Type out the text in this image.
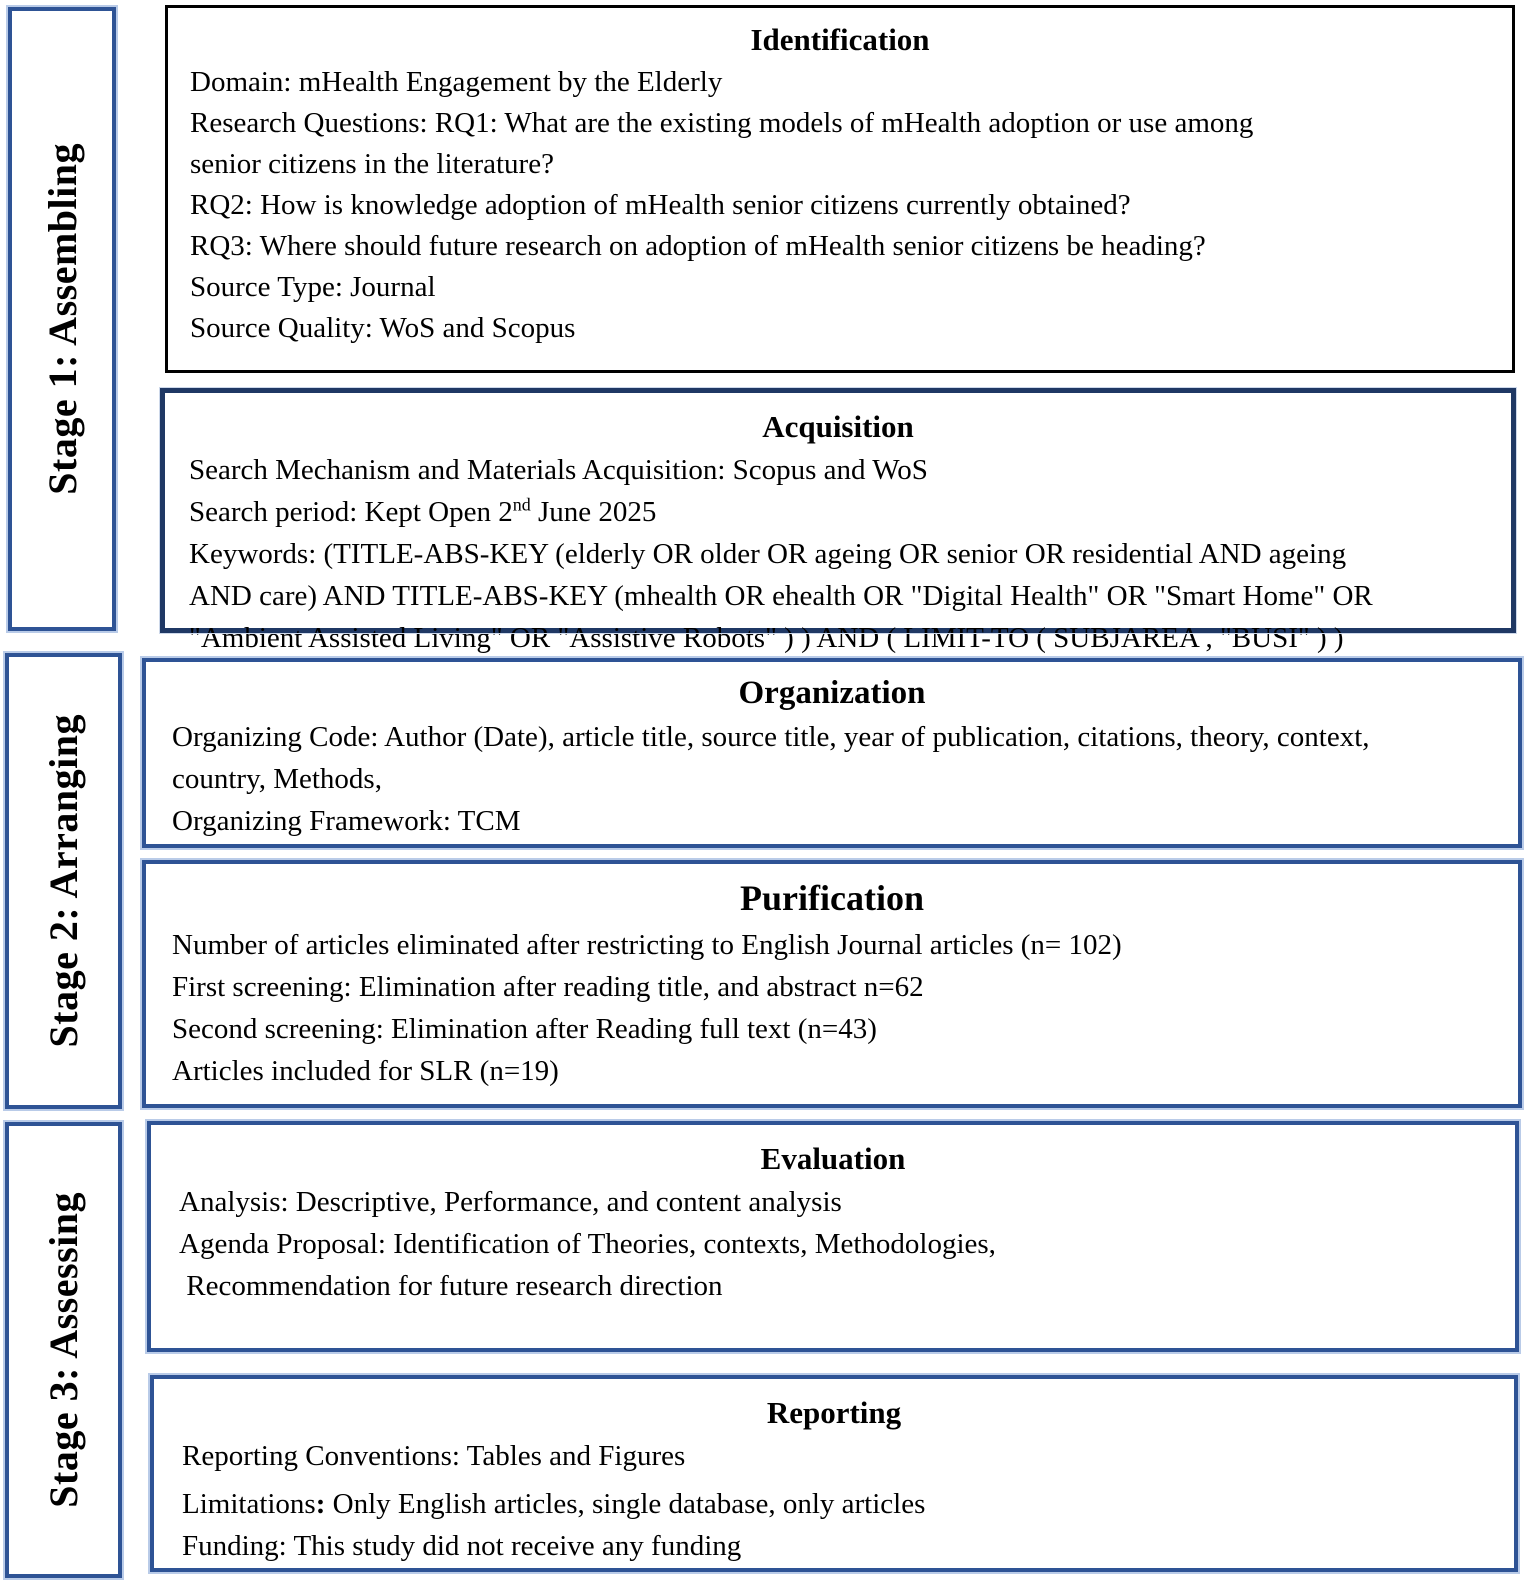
Stage 1: Assembling
Stage 2: Arranging
Stage 3: Assessing
Identification
Domain: mHealth Engagement by the Elderly
Research Questions: RQ1: What are the existing models of mHealth adoption or use among
senior citizens in the literature?
RQ2: How is knowledge adoption of mHealth senior citizens currently obtained?
RQ3: Where should future research on adoption of mHealth senior citizens be heading?
Source Type: Journal
Source Quality: WoS and Scopus
Acquisition
Search Mechanism and Materials Acquisition: Scopus and WoS
Search period: Kept Open 2nd June 2025
Keywords: (TITLE-ABS-KEY (elderly OR older OR ageing OR senior OR residential AND ageing
AND care) AND TITLE-ABS-KEY (mhealth OR ehealth OR "Digital Health" OR "Smart Home" OR
"Ambient Assisted Living" OR "Assistive Robots" ) ) AND ( LIMIT-TO ( SUBJAREA , "BUSI" ) )
Organization
Organizing Code: Author (Date), article title, source title, year of publication, citations, theory, context,
country, Methods,
Organizing Framework: TCM
Purification
Number of articles eliminated after restricting to English Journal articles (n= 102)
First screening: Elimination after reading title, and abstract n=62
Second screening: Elimination after Reading full text (n=43)
Articles included for SLR (n=19)
Evaluation
Analysis: Descriptive, Performance, and content analysis
Agenda Proposal: Identification of Theories, contexts, Methodologies,
Recommendation for future research direction
Reporting
Reporting Conventions: Tables and Figures
Limitations: Only English articles, single database, only articles
Funding: This study did not receive any funding
